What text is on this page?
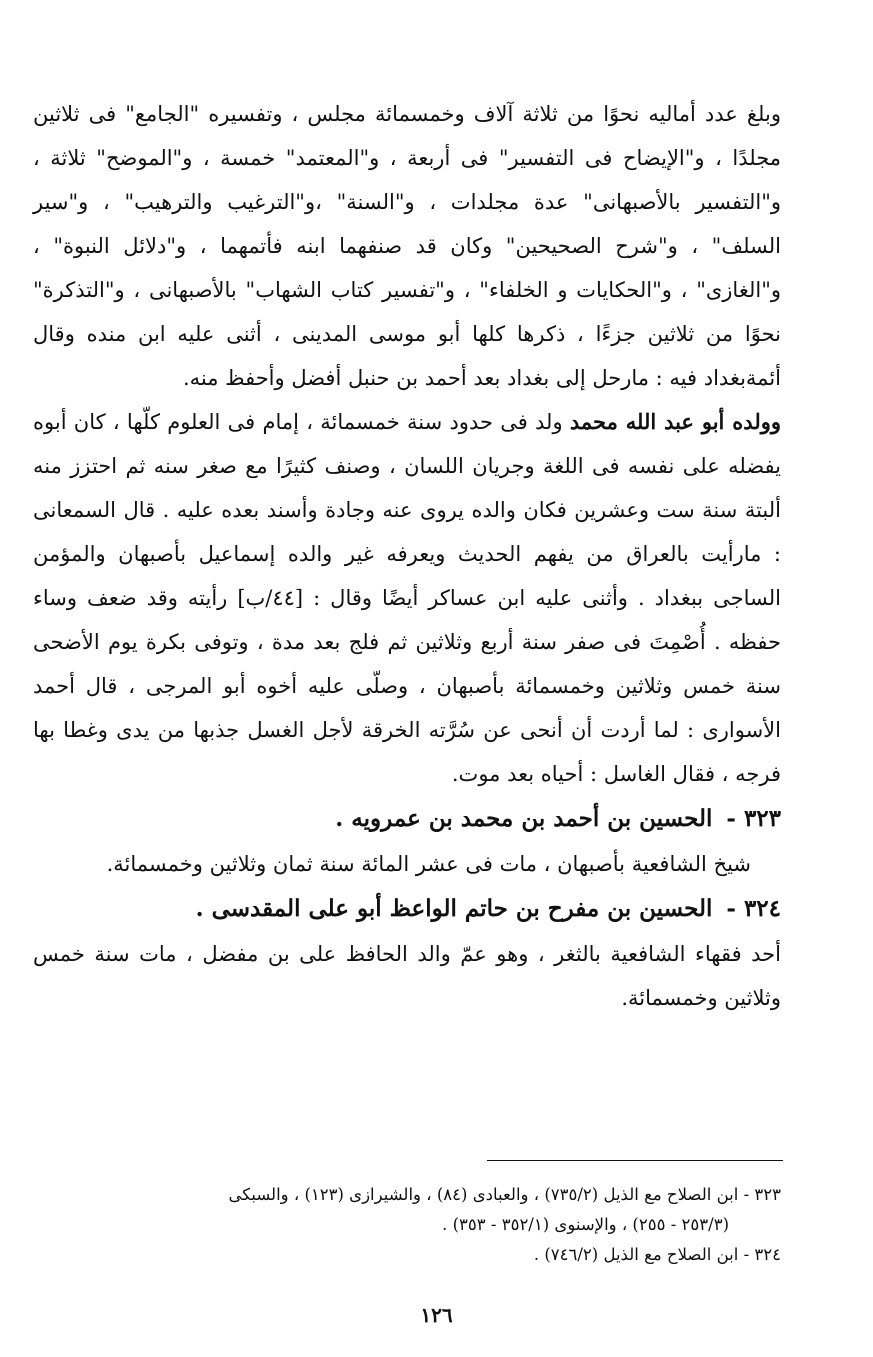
وبلغ عدد أماليه نحوًا من ثلاثة آلاف وخمسمائة مجلس ، وتفسيره "الجامع" فى ثلاثين مجلدًا ، و"الإيضاح فى التفسير" فى أربعة ، و"المعتمد" خمسة ، و"الموضح" ثلاثة ، و"التفسير بالأصبهانى" عدة مجلدات ، و"السنة" ،و"الترغيب والترهيب" ، و"سير السلف" ، و"شرح الصحيحين" وكان قد صنفهما ابنه فأتمهما ، و"دلائل النبوة" ، و"الغازى" ، و"الحكايات و الخلفاء" ، و"تفسير كتاب الشهاب" بالأصبهانى ، و"التذكرة" نحوًا من ثلاثين جزءًا ، ذكرها كلها أبو موسى المدينى ، أثنى عليه ابن منده وقال أئمةبغداد فيه : مارحل إلى بغداد بعد أحمد بن حنبل أفضل وأحفظ منه.

وولده أبو عبد الله محمد ولد فى حدود سنة خمسمائة ، إمام فى العلوم كلّها ، كان أبوه يفضله على نفسه فى اللغة وجريان اللسان ، وصنف كثيرًا مع صغر سنه ثم احتزز منه ألبتة سنة ست وعشرين فكان والده يروى عنه وجادة وأسند بعده عليه . قال السمعانى : مارأيت بالعراق من يفهم الحديث ويعرفه غير والده إسماعيل بأصبهان والمؤمن الساجى ببغداد . وأثنى عليه ابن عساكر أيضًا وقال : [٤٤/ب] رأيته وقد ضعف وساء حفظه . أُصْمِتَ فى صفر سنة أربع وثلاثين ثم فلج بعد مدة ، وتوفى بكرة يوم الأضحى سنة خمس وثلاثين وخمسمائة بأصبهان ، وصلّى عليه أخوه أبو المرجى ، قال أحمد الأسوارى : لما أردت أن أنحى عن سُرَّته الخرقة لأجل الغسل جذبها من يدى وغطا بها فرجه ، فقال الغاسل : أحياه بعد موت.

٣٢٣ -الحسين بن أحمد بن محمد بن عمرويه .

شيخ الشافعية بأصبهان ، مات فى عشر المائة سنة ثمان وثلاثين وخمسمائة.

٣٢٤ -الحسين بن مفرح بن حاتم الواعظ أبو على المقدسى .

أحد فقهاء الشافعية بالثغر ، وهو عمّ والد الحافظ على بن مفضل ، مات سنة خمس وثلاثين وخمسمائة.

٣٢٣ - ابن الصلاح مع الذيل (٧٣٥/٢) ، والعبادى (٨٤) ، والشيرازى (١٢٣) ، والسبكى

(٢٥٣/٣ - ٢٥٥) ، والإسنوى (٣٥٢/١ - ٣٥٣) .

٣٢٤ - ابن الصلاح مع الذيل (٧٤٦/٢) .

١٢٦
